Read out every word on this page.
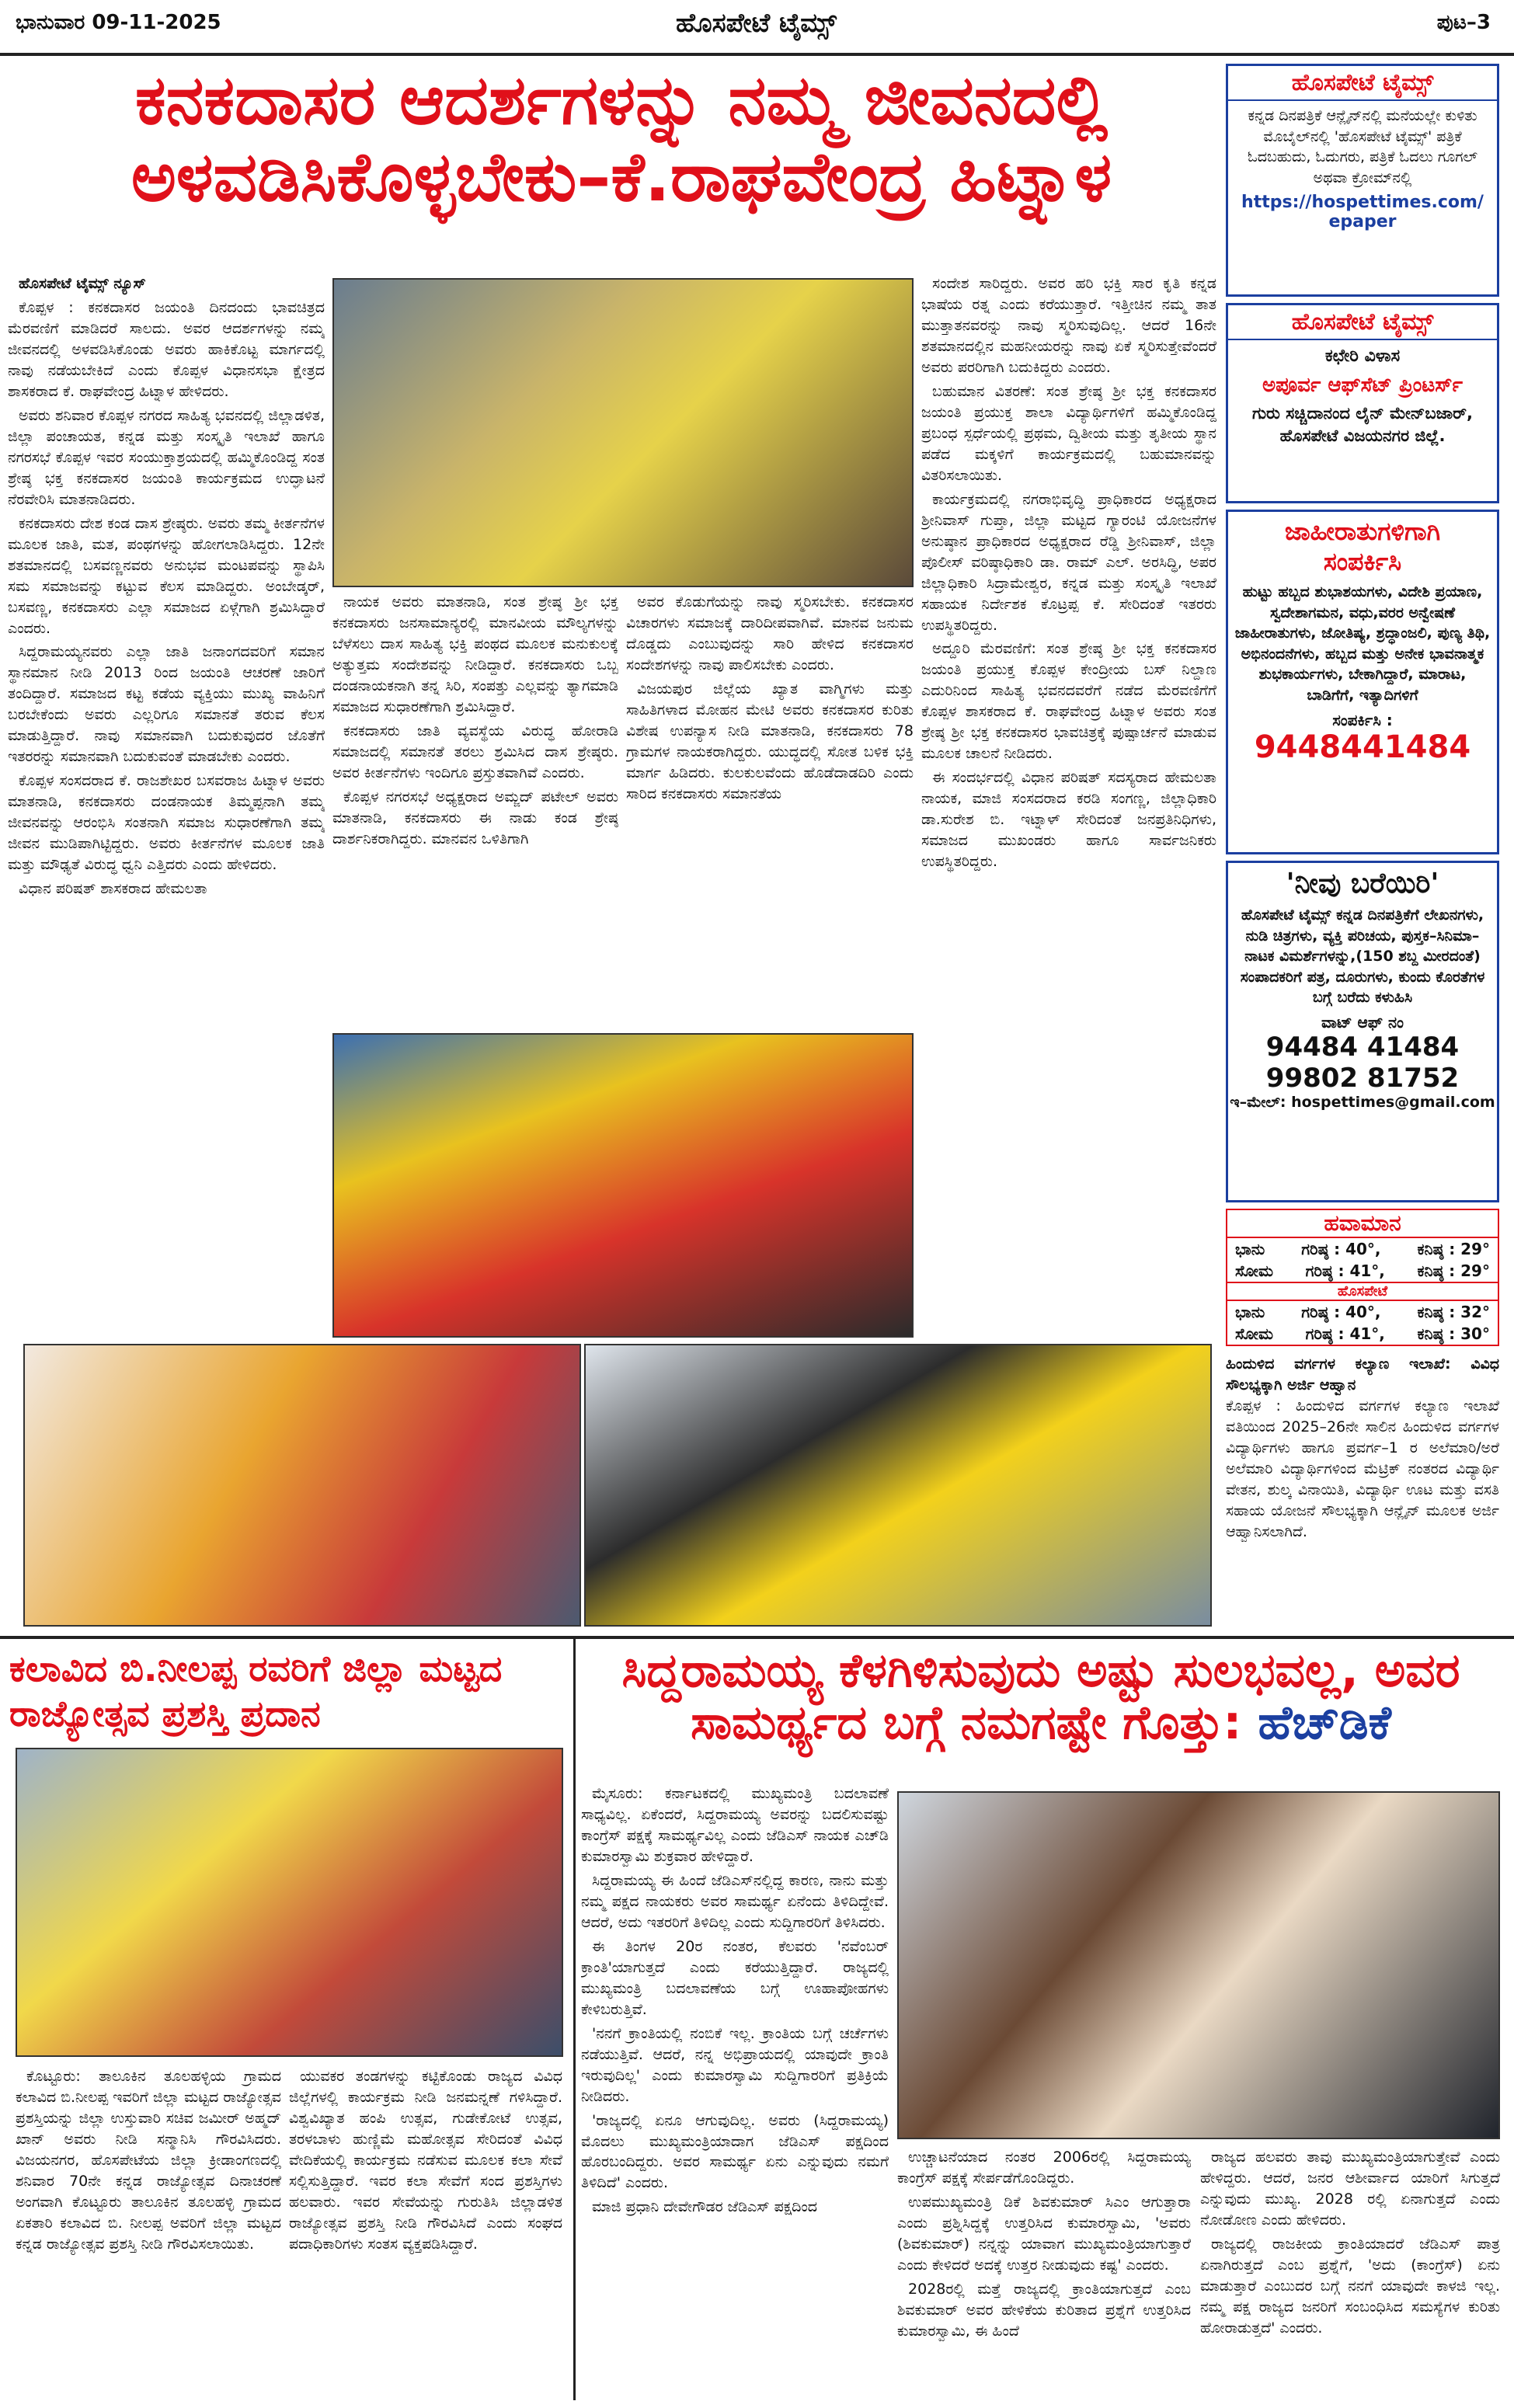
ಭಾನುವಾರ 09-11-2025	ಹೊಸಪೇಟೆ ಟೈಮ್ಸ್	ಪುಟ–3
ಕನಕದಾಸರ ಆದರ್ಶಗಳನ್ನು ನಮ್ಮ ಜೀವನದಲ್ಲಿ ಅಳವಡಿಸಿಕೊಳ್ಳಬೇಕು–ಕೆ.ರಾಘವೇಂದ್ರ ಹಿಟ್ನಾಳ

ಹೊಸಪೇಟೆ ಟೈಮ್ಸ್ ನ್ಯೂಸ್

ಕೊಪ್ಪಳ : ಕನಕದಾಸರ ಜಯಂತಿ ದಿನದಂದು ಭಾವಚಿತ್ರದ ಮೆರವಣಿಗೆ ಮಾಡಿದರೆ ಸಾಲದು. ಅವರ ಆದರ್ಶಗಳನ್ನು ನಮ್ಮ ಜೀವನದಲ್ಲಿ ಅಳವಡಿಸಿಕೊಂಡು ಅವರು ಹಾಕಿಕೊಟ್ಟ ಮಾರ್ಗದಲ್ಲಿ ನಾವು ನಡೆಯಬೇಕಿದೆ ಎಂದು ಕೊಪ್ಪಳ ವಿಧಾನಸಭಾ ಕ್ಷೇತ್ರದ ಶಾಸಕರಾದ ಕೆ. ರಾಘವೇಂದ್ರ ಹಿಟ್ನಾಳ ಹೇಳಿದರು.

ಅವರು ಶನಿವಾರ ಕೊಪ್ಪಳ ನಗರದ ಸಾಹಿತ್ಯ ಭವನದಲ್ಲಿ ಜಿಲ್ಲಾಡಳಿತ, ಜಿಲ್ಲಾ ಪಂಚಾಯತ, ಕನ್ನಡ ಮತ್ತು ಸಂಸ್ಕೃತಿ ಇಲಾಖೆ ಹಾಗೂ ನಗರಸಭೆ ಕೊಪ್ಪಳ ಇವರ ಸಂಯುಕ್ತಾಶ್ರಯದಲ್ಲಿ ಹಮ್ಮಿಕೊಂಡಿದ್ದ ಸಂತ ಶ್ರೇಷ್ಠ ಭಕ್ತ ಕನಕದಾಸರ ಜಯಂತಿ ಕಾರ್ಯಕ್ರಮದ ಉದ್ಘಾಟನೆ ನೆರವೇರಿಸಿ ಮಾತನಾಡಿದರು.

ಕನಕದಾಸರು ದೇಶ ಕಂಡ ದಾಸ ಶ್ರೇಷ್ಠರು. ಅವರು ತಮ್ಮ ಕೀರ್ತನೆಗಳ ಮೂಲಕ ಜಾತಿ, ಮತ, ಪಂಥಗಳನ್ನು ಹೋಗಲಾಡಿಸಿದ್ದರು. 12ನೇ ಶತಮಾನದಲ್ಲಿ ಬಸವಣ್ಣನವರು ಅನುಭವ ಮಂಟಪವನ್ನು ಸ್ಥಾಪಿಸಿ ಸಮ ಸಮಾಜವನ್ನು ಕಟ್ಟುವ ಕೆಲಸ ಮಾಡಿದ್ದರು. ಅಂಬೇಡ್ಕರ್, ಬಸವಣ್ಣ, ಕನಕದಾಸರು ಎಲ್ಲಾ ಸಮಾಜದ ಏಳ್ಗೆಗಾಗಿ ಶ್ರಮಿಸಿದ್ದಾರೆ ಎಂದರು.

ಸಿದ್ದರಾಮಯ್ಯನವರು ಎಲ್ಲಾ ಜಾತಿ ಜನಾಂಗದವರಿಗೆ ಸಮಾನ ಸ್ಥಾನಮಾನ ನೀಡಿ 2013 ರಿಂದ ಜಯಂತಿ ಆಚರಣೆ ಜಾರಿಗೆ ತಂದಿದ್ದಾರೆ. ಸಮಾಜದ ಕಟ್ಟ ಕಡೆಯ ವ್ಯಕ್ತಿಯು ಮುಖ್ಯ ವಾಹಿನಿಗೆ ಬರಬೇಕೆಂದು ಅವರು ಎಲ್ಲರಿಗೂ ಸಮಾನತೆ ತರುವ ಕೆಲಸ ಮಾಡುತ್ತಿದ್ದಾರೆ. ನಾವು ಸಮಾನವಾಗಿ ಬದುಕುವುದರ ಜೊತೆಗೆ ಇತರರನ್ನು ಸಮಾನವಾಗಿ ಬದುಕುವಂತೆ ಮಾಡಬೇಕು ಎಂದರು.

ಕೊಪ್ಪಳ ಸಂಸದರಾದ ಕೆ. ರಾಜಶೇಖರ ಬಸವರಾಜ ಹಿಟ್ನಾಳ ಅವರು ಮಾತನಾಡಿ, ಕನಕದಾಸರು ದಂಡನಾಯಕ ತಿಮ್ಮಪ್ಪನಾಗಿ ತಮ್ಮ ಜೀವನವನ್ನು ಆರಂಭಿಸಿ ಸಂತನಾಗಿ ಸಮಾಜ ಸುಧಾರಣೆಗಾಗಿ ತಮ್ಮ ಜೀವನ ಮುಡಿಪಾಗಿಟ್ಟಿದ್ದರು. ಅವರು ಕೀರ್ತನೆಗಳ ಮೂಲಕ ಜಾತಿ ಮತ್ತು ಮೌಢ್ಯತೆ ವಿರುದ್ಧ ಧ್ವನಿ ಎತ್ತಿದರು ಎಂದು ಹೇಳಿದರು.

ವಿಧಾನ ಪರಿಷತ್ ಶಾಸಕರಾದ ಹೇಮಲತಾ

ನಾಯಕ ಅವರು ಮಾತನಾಡಿ, ಸಂತ ಶ್ರೇಷ್ಠ ಶ್ರೀ ಭಕ್ತ ಕನಕದಾಸರು ಜನಸಾಮಾನ್ಯರಲ್ಲಿ ಮಾನವೀಯ ಮೌಲ್ಯಗಳನ್ನು ಬೆಳೆಸಲು ದಾಸ ಸಾಹಿತ್ಯ ಭಕ್ತಿ ಪಂಥದ ಮೂಲಕ ಮನುಕುಲಕ್ಕೆ ಅತ್ಯುತ್ತಮ ಸಂದೇಶವನ್ನು ನೀಡಿದ್ದಾರೆ. ಕನಕದಾಸರು ಒಬ್ಬ ದಂಡನಾಯಕನಾಗಿ ತನ್ನ ಸಿರಿ, ಸಂಪತ್ತು ಎಲ್ಲವನ್ನು ತ್ಯಾಗಮಾಡಿ ಸಮಾಜದ ಸುಧಾರಣೆಗಾಗಿ ಶ್ರಮಿಸಿದ್ದಾರೆ.

ಕನಕದಾಸರು ಜಾತಿ ವ್ಯವಸ್ಥೆಯ ವಿರುದ್ಧ ಹೋರಾಡಿ ಸಮಾಜದಲ್ಲಿ ಸಮಾನತೆ ತರಲು ಶ್ರಮಿಸಿದ ದಾಸ ಶ್ರೇಷ್ಠರು. ಅವರ ಕೀರ್ತನೆಗಳು ಇಂದಿಗೂ ಪ್ರಸ್ತುತವಾಗಿವೆ ಎಂದರು.

ಕೊಪ್ಪಳ ನಗರಸಭೆ ಅಧ್ಯಕ್ಷರಾದ ಅಮ್ಜದ್ ಪಟೇಲ್ ಅವರು ಮಾತನಾಡಿ, ಕನಕದಾಸರು ಈ ನಾಡು ಕಂಡ ಶ್ರೇಷ್ಠ ದಾರ್ಶನಿಕರಾಗಿದ್ದರು. ಮಾನವನ ಒಳಿತಿಗಾಗಿ

ಅವರ ಕೊಡುಗೆಯನ್ನು ನಾವು ಸ್ಮರಿಸಬೇಕು. ಕನಕದಾಸರ ವಿಚಾರಗಳು ಸಮಾಜಕ್ಕೆ ದಾರಿದೀಪವಾಗಿವೆ. ಮಾನವ ಜನುಮ ದೊಡ್ಡದು ಎಂಬುವುದನ್ನು ಸಾರಿ ಹೇಳಿದ ಕನಕದಾಸರ ಸಂದೇಶಗಳನ್ನು ನಾವು ಪಾಲಿಸಬೇಕು ಎಂದರು.

ವಿಜಯಪುರ ಜಿಲ್ಲೆಯ ಖ್ಯಾತ ವಾಗ್ಮಿಗಳು ಮತ್ತು ಸಾಹಿತಿಗಳಾದ ಮೋಹನ ಮೇಟಿ ಅವರು ಕನಕದಾಸರ ಕುರಿತು ವಿಶೇಷ ಉಪನ್ಯಾಸ ನೀಡಿ ಮಾತನಾಡಿ, ಕನಕದಾಸರು 78 ಗ್ರಾಮಗಳ ನಾಯಕರಾಗಿದ್ದರು. ಯುದ್ಧದಲ್ಲಿ ಸೋತ ಬಳಿಕ ಭಕ್ತಿ ಮಾರ್ಗ ಹಿಡಿದರು. ಕುಲಕುಲವೆಂದು ಹೊಡೆದಾಡದಿರಿ ಎಂದು ಸಾರಿದ ಕನಕದಾಸರು ಸಮಾನತೆಯ

ಸಂದೇಶ ಸಾರಿದ್ದರು. ಅವರ ಹರಿ ಭಕ್ತಿ ಸಾರ ಕೃತಿ ಕನ್ನಡ ಭಾಷೆಯ ರತ್ನ ಎಂದು ಕರೆಯುತ್ತಾರೆ. ಇತ್ತೀಚಿನ ನಮ್ಮ ತಾತ ಮುತ್ತಾತನವರನ್ನು ನಾವು ಸ್ಮರಿಸುವುದಿಲ್ಲ. ಆದರೆ 16ನೇ ಶತಮಾನದಲ್ಲಿನ ಮಹನೀಯರನ್ನು ನಾವು ಏಕೆ ಸ್ಮರಿಸುತ್ತೇವೆಂದರೆ ಅವರು ಪರರಿಗಾಗಿ ಬದುಕಿದ್ದರು ಎಂದರು.

ಬಹುಮಾನ ವಿತರಣೆ: ಸಂತ ಶ್ರೇಷ್ಠ ಶ್ರೀ ಭಕ್ತ ಕನಕದಾಸರ ಜಯಂತಿ ಪ್ರಯುಕ್ತ ಶಾಲಾ ವಿದ್ಯಾರ್ಥಿಗಳಿಗೆ ಹಮ್ಮಿಕೊಂಡಿದ್ದ ಪ್ರಬಂಧ ಸ್ಪರ್ಧೆಯಲ್ಲಿ ಪ್ರಥಮ, ದ್ವಿತೀಯ ಮತ್ತು ತೃತೀಯ ಸ್ಥಾನ ಪಡೆದ ಮಕ್ಕಳಿಗೆ ಕಾರ್ಯಕ್ರಮದಲ್ಲಿ ಬಹುಮಾನವನ್ನು ವಿತರಿಸಲಾಯಿತು.

ಕಾರ್ಯಕ್ರಮದಲ್ಲಿ ನಗರಾಭಿವೃದ್ಧಿ ಪ್ರಾಧಿಕಾರದ ಅಧ್ಯಕ್ಷರಾದ ಶ್ರೀನಿವಾಸ್ ಗುಪ್ತಾ, ಜಿಲ್ಲಾ ಮಟ್ಟದ ಗ್ಯಾರಂಟಿ ಯೋಜನೆಗಳ ಅನುಷ್ಠಾನ ಪ್ರಾಧಿಕಾರದ ಅಧ್ಯಕ್ಷರಾದ ರೆಡ್ಡಿ ಶ್ರೀನಿವಾಸ್, ಜಿಲ್ಲಾ ಪೊಲೀಸ್ ವರಿಷ್ಠಾಧಿಕಾರಿ ಡಾ. ರಾಮ್ ಎಲ್. ಅರಸಿದ್ಧಿ, ಅಪರ ಜಿಲ್ಲಾಧಿಕಾರಿ ಸಿದ್ರಾಮೇಶ್ವರ, ಕನ್ನಡ ಮತ್ತು ಸಂಸ್ಕೃತಿ ಇಲಾಖೆ ಸಹಾಯಕ ನಿರ್ದೇಶಕ ಕೊಟ್ರಪ್ಪ ಕೆ. ಸೇರಿದಂತೆ ಇತರರು ಉಪಸ್ಥಿತರಿದ್ದರು.

ಅದ್ದೂರಿ ಮೆರವಣಿಗೆ: ಸಂತ ಶ್ರೇಷ್ಠ ಶ್ರೀ ಭಕ್ತ ಕನಕದಾಸರ ಜಯಂತಿ ಪ್ರಯುಕ್ತ ಕೊಪ್ಪಳ ಕೇಂದ್ರೀಯ ಬಸ್ ನಿಲ್ದಾಣ ಎದುರಿನಿಂದ ಸಾಹಿತ್ಯ ಭವನದವರೆಗೆ ನಡೆದ ಮೆರವಣಿಗೆಗೆ ಕೊಪ್ಪಳ ಶಾಸಕರಾದ ಕೆ. ರಾಘವೇಂದ್ರ ಹಿಟ್ನಾಳ ಅವರು ಸಂತ ಶ್ರೇಷ್ಠ ಶ್ರೀ ಭಕ್ತ ಕನಕದಾಸರ ಭಾವಚಿತ್ರಕ್ಕೆ ಪುಷ್ಪಾರ್ಚನೆ ಮಾಡುವ ಮೂಲಕ ಚಾಲನೆ ನೀಡಿದರು.

ಈ ಸಂದರ್ಭದಲ್ಲಿ ವಿಧಾನ ಪರಿಷತ್ ಸದಸ್ಯರಾದ ಹೇಮಲತಾ ನಾಯಕ, ಮಾಜಿ ಸಂಸದರಾದ ಕರಡಿ ಸಂಗಣ್ಣ, ಜಿಲ್ಲಾಧಿಕಾರಿ ಡಾ.ಸುರೇಶ ಬಿ. ಇಟ್ನಾಳ್ ಸೇರಿದಂತೆ ಜನಪ್ರತಿನಿಧಿಗಳು, ಸಮಾಜದ ಮುಖಂಡರು ಹಾಗೂ ಸಾರ್ವಜನಿಕರು ಉಪಸ್ಥಿತರಿದ್ದರು.

ಹೊಸಪೇಟೆ ಟೈಮ್ಸ್
ಕನ್ನಡ ದಿನಪತ್ರಿಕೆ ಆನ್ಲೈನ್‌ನಲ್ಲಿ ಮನೆಯಲ್ಲೇ ಕುಳಿತು ಮೊಬೈಲ್‌ನಲ್ಲಿ 'ಹೊಸಪೇಟೆ ಟೈಮ್ಸ್' ಪತ್ರಿಕೆ ಓದಬಹುದು, ಓದುಗರು, ಪತ್ರಿಕೆ ಓದಲು ಗೂಗಲ್ ಅಥವಾ ಕ್ರೋಮ್‌ನಲ್ಲಿ
https://hospettimes.com/
epaper
ಹೊಸಪೇಟೆ ಟೈಮ್ಸ್
ಕಛೇರಿ ವಿಳಾಸ
ಅಪೂರ್ವ ಆಫ್‌ಸೆಟ್ ಪ್ರಿಂಟರ್ಸ್
ಗುರು ಸಚ್ಚಿದಾನಂದ ಲೈನ್ ಮೇನ್‌ಬಜಾರ್, ಹೊಸಪೇಟೆ ವಿಜಯನಗರ ಜಿಲ್ಲೆ.
ಜಾಹೀರಾತುಗಳಿಗಾಗಿ
ಸಂಪರ್ಕಿಸಿ
ಹುಟ್ಟು ಹಬ್ಬದ ಶುಭಾಶಯಗಳು, ವಿದೇಶಿ ಪ್ರಯಾಣ, ಸ್ವದೇಶಾಗಮನ, ವಧು,ವರರ ಅನ್ವೇಷಣೆ ಜಾಹೀರಾತುಗಳು, ಜೋತಿಷ್ಯ, ಶ್ರದ್ಧಾಂಜಲಿ, ಪುಣ್ಯ ತಿಥಿ, ಅಭಿನಂದನೆಗಳು, ಹಬ್ಬದ ಮತ್ತು ಅನೇಕ ಭಾವನಾತ್ಮಕ ಶುಭಕಾರ್ಯಗಳು, ಬೇಕಾಗಿದ್ದಾರೆ, ಮಾರಾಟ, ಬಾಡಿಗೆಗೆ, ಇತ್ಯಾದಿಗಳಿಗೆ
ಸಂಪರ್ಕಿಸಿ :
9448441484
'ನೀವು ಬರೆಯಿರಿ'
ಹೊಸಪೇಟೆ ಟೈಮ್ಸ್ ಕನ್ನಡ ದಿನಪತ್ರಿಕೆಗೆ ಲೇಖನಗಳು, ನುಡಿ ಚಿತ್ರಗಳು, ವ್ಯಕ್ತಿ ಪರಿಚಯ, ಪುಸ್ತಕ–ಸಿನಿಮಾ–ನಾಟಕ ವಿಮರ್ಶೆಗಳನ್ನು,(150 ಶಬ್ದ ಮೀರದಂತೆ) ಸಂಪಾದಕರಿಗೆ ಪತ್ರ, ದೂರುಗಳು, ಕುಂದು ಕೊರತೆಗಳ ಬಗ್ಗೆ ಬರೆದು ಕಳುಹಿಸಿ
ವಾಟ್ ಆಫ್ ನಂ
94484 41484
99802 81752
ಇ–ಮೇಲ್: hospettimes@gmail.com
ಹವಾಮಾನ
ಭಾನು ಗರಿಷ್ಠ : 40°, ಕನಿಷ್ಠ : 29°
ಸೋಮ ಗರಿಷ್ಠ : 41°, ಕನಿಷ್ಠ : 29°
ಹೊಸಪೇಟೆ
ಭಾನು ಗರಿಷ್ಠ : 40°, ಕನಿಷ್ಠ : 32°
ಸೋಮ ಗರಿಷ್ಠ : 41°, ಕನಿಷ್ಠ : 30°
ಹಿಂದುಳಿದ ವರ್ಗಗಳ ಕಲ್ಯಾಣ ಇಲಾಖೆ: ವಿವಿಧ ಸೌಲಭ್ಯಕ್ಕಾಗಿ ಅರ್ಜಿ ಆಹ್ವಾನ
ಕೊಪ್ಪಳ : ಹಿಂದುಳಿದ ವರ್ಗಗಳ ಕಲ್ಯಾಣ ಇಲಾಖೆ ವತಿಯಿಂದ 2025–26ನೇ ಸಾಲಿನ ಹಿಂದುಳಿದ ವರ್ಗಗಳ ವಿದ್ಯಾರ್ಥಿಗಳು ಹಾಗೂ ಪ್ರವರ್ಗ–1 ರ ಅಲೆಮಾರಿ/ಅರೆ ಅಲೆಮಾರಿ ವಿದ್ಯಾರ್ಥಿಗಳಿಂದ ಮೆಟ್ರಿಕ್ ನಂತರದ ವಿದ್ಯಾರ್ಥಿ ವೇತನ, ಶುಲ್ಕ ವಿನಾಯಿತಿ, ವಿದ್ಯಾರ್ಥಿ ಊಟ ಮತ್ತು ವಸತಿ ಸಹಾಯ ಯೋಜನೆ ಸೌಲಭ್ಯಕ್ಕಾಗಿ ಆನ್ಲೈನ್ ಮೂಲಕ ಅರ್ಜಿ ಆಹ್ವಾನಿಸಲಾಗಿದೆ.
ಕಲಾವಿದ ಬಿ.ನೀಲಪ್ಪ ರವರಿಗೆ ಜಿಲ್ಲಾ ಮಟ್ಟದ ರಾಜ್ಯೋತ್ಸವ ಪ್ರಶಸ್ತಿ ಪ್ರದಾನ

ಕೊಟ್ಟೂರು: ತಾಲೂಕಿನ ತೂಲಹಳ್ಳಿಯ ಗ್ರಾಮದ ಕಲಾವಿದ ಬಿ.ನೀಲಪ್ಪ ಇವರಿಗೆ ಜಿಲ್ಲಾ ಮಟ್ಟದ ರಾಜ್ಯೋತ್ಸವ ಪ್ರಶಸ್ತಿಯನ್ನು ಜಿಲ್ಲಾ ಉಸ್ತುವಾರಿ ಸಚಿವ ಜಮೀರ್ ಅಹ್ಮದ್ ಖಾನ್ ಅವರು ನೀಡಿ ಸನ್ಮಾನಿಸಿ ಗೌರವಿಸಿದರು. ವಿಜಯನಗರ, ಹೊಸಪೇಟೆಯ ಜಿಲ್ಲಾ ಕ್ರೀಡಾಂಗಣದಲ್ಲಿ ಶನಿವಾರ 70ನೇ ಕನ್ನಡ ರಾಜ್ಯೋತ್ಸವ ದಿನಾಚರಣೆ ಅಂಗವಾಗಿ ಕೊಟ್ಟೂರು ತಾಲೂಕಿನ ತೂಲಹಳ್ಳಿ ಗ್ರಾಮದ ಏಕತಾರಿ ಕಲಾವಿದ ಬಿ. ನೀಲಪ್ಪ ಅವರಿಗೆ ಜಿಲ್ಲಾ ಮಟ್ಟದ ಕನ್ನಡ ರಾಜ್ಯೋತ್ಸವ ಪ್ರಶಸ್ತಿ ನೀಡಿ ಗೌರವಿಸಲಾಯಿತು.

ಯುವಕರ ತಂಡಗಳನ್ನು ಕಟ್ಟಿಕೊಂಡು ರಾಜ್ಯದ ವಿವಿಧ ಜಿಲ್ಲೆಗಳಲ್ಲಿ ಕಾರ್ಯಕ್ರಮ ನೀಡಿ ಜನಮನ್ನಣೆ ಗಳಿಸಿದ್ದಾರೆ. ವಿಶ್ವವಿಖ್ಯಾತ ಹಂಪಿ ಉತ್ಸವ, ಗುಡೇಕೋಟೆ ಉತ್ಸವ, ತರಳಬಾಳು ಹುಣ್ಣಿಮೆ ಮಹೋತ್ಸವ ಸೇರಿದಂತೆ ವಿವಿಧ ವೇದಿಕೆಯಲ್ಲಿ ಕಾರ್ಯಕ್ರಮ ನಡೆಸುವ ಮೂಲಕ ಕಲಾ ಸೇವೆ ಸಲ್ಲಿಸುತ್ತಿದ್ದಾರೆ. ಇವರ ಕಲಾ ಸೇವೆಗೆ ಸಂದ ಪ್ರಶಸ್ತಿಗಳು ಹಲವಾರು. ಇವರ ಸೇವೆಯನ್ನು ಗುರುತಿಸಿ ಜಿಲ್ಲಾಡಳಿತ ರಾಜ್ಯೋತ್ಸವ ಪ್ರಶಸ್ತಿ ನೀಡಿ ಗೌರವಿಸಿದೆ ಎಂದು ಸಂಘದ ಪದಾಧಿಕಾರಿಗಳು ಸಂತಸ ವ್ಯಕ್ತಪಡಿಸಿದ್ದಾರೆ.

ಸಿದ್ದರಾಮಯ್ಯ ಕೆಳಗಿಳಿಸುವುದು ಅಷ್ಟು ಸುಲಭವಲ್ಲ, ಅವರ ಸಾಮರ್ಥ್ಯದ ಬಗ್ಗೆ ನಮಗಷ್ಟೇ ಗೊತ್ತು: ಹೆಚ್‌ಡಿಕೆ

ಮೈಸೂರು: ಕರ್ನಾಟಕದಲ್ಲಿ ಮುಖ್ಯಮಂತ್ರಿ ಬದಲಾವಣೆ ಸಾಧ್ಯವಿಲ್ಲ. ಏಕೆಂದರೆ, ಸಿದ್ದರಾಮಯ್ಯ ಅವರನ್ನು ಬದಲಿಸುವಷ್ಟು ಕಾಂಗ್ರೆಸ್ ಪಕ್ಷಕ್ಕೆ ಸಾಮರ್ಥ್ಯವಿಲ್ಲ ಎಂದು ಜೆಡಿಎಸ್ ನಾಯಕ ಎಚ್‌ಡಿ ಕುಮಾರಸ್ವಾಮಿ ಶುಕ್ರವಾರ ಹೇಳಿದ್ದಾರೆ.

ಸಿದ್ದರಾಮಯ್ಯ ಈ ಹಿಂದೆ ಜೆಡಿಎಸ್‌ನಲ್ಲಿದ್ದ ಕಾರಣ, ನಾನು ಮತ್ತು ನಮ್ಮ ಪಕ್ಷದ ನಾಯಕರು ಅವರ ಸಾಮರ್ಥ್ಯ ಏನೆಂದು ತಿಳಿದಿದ್ದೇವೆ. ಆದರೆ, ಅದು ಇತರರಿಗೆ ತಿಳಿದಿಲ್ಲ ಎಂದು ಸುದ್ದಿಗಾರರಿಗೆ ತಿಳಿಸಿದರು.

ಈ ತಿಂಗಳ 20ರ ನಂತರ, ಕೆಲವರು 'ನವೆಂಬರ್ ಕ್ರಾಂತಿ'ಯಾಗುತ್ತದೆ ಎಂದು ಕರೆಯುತ್ತಿದ್ದಾರೆ. ರಾಜ್ಯದಲ್ಲಿ ಮುಖ್ಯಮಂತ್ರಿ ಬದಲಾವಣೆಯ ಬಗ್ಗೆ ಊಹಾಪೋಹಗಳು ಕೇಳಿಬರುತ್ತಿವೆ.

'ನನಗೆ ಕ್ರಾಂತಿಯಲ್ಲಿ ನಂಬಿಕೆ ಇಲ್ಲ. ಕ್ರಾಂತಿಯ ಬಗ್ಗೆ ಚರ್ಚೆಗಳು ನಡೆಯುತ್ತಿವೆ. ಆದರೆ, ನನ್ನ ಅಭಿಪ್ರಾಯದಲ್ಲಿ ಯಾವುದೇ ಕ್ರಾಂತಿ ಇರುವುದಿಲ್ಲ' ಎಂದು ಕುಮಾರಸ್ವಾಮಿ ಸುದ್ದಿಗಾರರಿಗೆ ಪ್ರತಿಕ್ರಿಯೆ ನೀಡಿದರು.

'ರಾಜ್ಯದಲ್ಲಿ ಏನೂ ಆಗುವುದಿಲ್ಲ. ಅವರು (ಸಿದ್ದರಾಮಯ್ಯ) ಮೊದಲು ಮುಖ್ಯಮಂತ್ರಿಯಾದಾಗ ಜೆಡಿಎಸ್ ಪಕ್ಷದಿಂದ ಹೊರಬಂದಿದ್ದರು. ಅವರ ಸಾಮರ್ಥ್ಯ ಏನು ಎನ್ನುವುದು ನಮಗೆ ತಿಳಿದಿದೆ' ಎಂದರು.

ಮಾಜಿ ಪ್ರಧಾನಿ ದೇವೇಗೌಡರ ಜೆಡಿಎಸ್ ಪಕ್ಷದಿಂದ

ಉಚ್ಚಾಟನೆಯಾದ ನಂತರ 2006ರಲ್ಲಿ ಸಿದ್ದರಾಮಯ್ಯ ಕಾಂಗ್ರೆಸ್ ಪಕ್ಷಕ್ಕೆ ಸೇರ್ಪಡೆಗೊಂಡಿದ್ದರು.

ಉಪಮುಖ್ಯಮಂತ್ರಿ ಡಿಕೆ ಶಿವಕುಮಾರ್ ಸಿಎಂ ಆಗುತ್ತಾರಾ ಎಂದು ಪ್ರಶ್ನಿಸಿದ್ದಕ್ಕೆ ಉತ್ತರಿಸಿದ ಕುಮಾರಸ್ವಾಮಿ, 'ಅವರು (ಶಿವಕುಮಾರ್) ನನ್ನನ್ನು ಯಾವಾಗ ಮುಖ್ಯಮಂತ್ರಿಯಾಗುತ್ತಾರೆ ಎಂದು ಕೇಳಿದರೆ ಅದಕ್ಕೆ ಉತ್ತರ ನೀಡುವುದು ಕಷ್ಟ' ಎಂದರು.

2028ರಲ್ಲಿ ಮತ್ತೆ ರಾಜ್ಯದಲ್ಲಿ ಕ್ರಾಂತಿಯಾಗುತ್ತದೆ ಎಂಬ ಶಿವಕುಮಾರ್ ಅವರ ಹೇಳಿಕೆಯ ಕುರಿತಾದ ಪ್ರಶ್ನೆಗೆ ಉತ್ತರಿಸಿದ ಕುಮಾರಸ್ವಾಮಿ, ಈ ಹಿಂದೆ

ರಾಜ್ಯದ ಹಲವರು ತಾವು ಮುಖ್ಯಮಂತ್ರಿಯಾಗುತ್ತೇವೆ ಎಂದು ಹೇಳಿದ್ದರು. ಆದರೆ, ಜನರ ಆಶೀರ್ವಾದ ಯಾರಿಗೆ ಸಿಗುತ್ತದೆ ಎನ್ನುವುದು ಮುಖ್ಯ. 2028 ರಲ್ಲಿ ಏನಾಗುತ್ತದೆ ಎಂದು ನೋಡೋಣ ಎಂದು ಹೇಳಿದರು.

ರಾಜ್ಯದಲ್ಲಿ ರಾಜಕೀಯ ಕ್ರಾಂತಿಯಾದರೆ ಜೆಡಿಎಸ್ ಪಾತ್ರ ಏನಾಗಿರುತ್ತದೆ ಎಂಬ ಪ್ರಶ್ನೆಗೆ, 'ಅದು (ಕಾಂಗ್ರೆಸ್) ಏನು ಮಾಡುತ್ತಾರೆ ಎಂಬುದರ ಬಗ್ಗೆ ನನಗೆ ಯಾವುದೇ ಕಾಳಜಿ ಇಲ್ಲ. ನಮ್ಮ ಪಕ್ಷ ರಾಜ್ಯದ ಜನರಿಗೆ ಸಂಬಂಧಿಸಿದ ಸಮಸ್ಯೆಗಳ ಕುರಿತು ಹೋರಾಡುತ್ತದೆ' ಎಂದರು.
